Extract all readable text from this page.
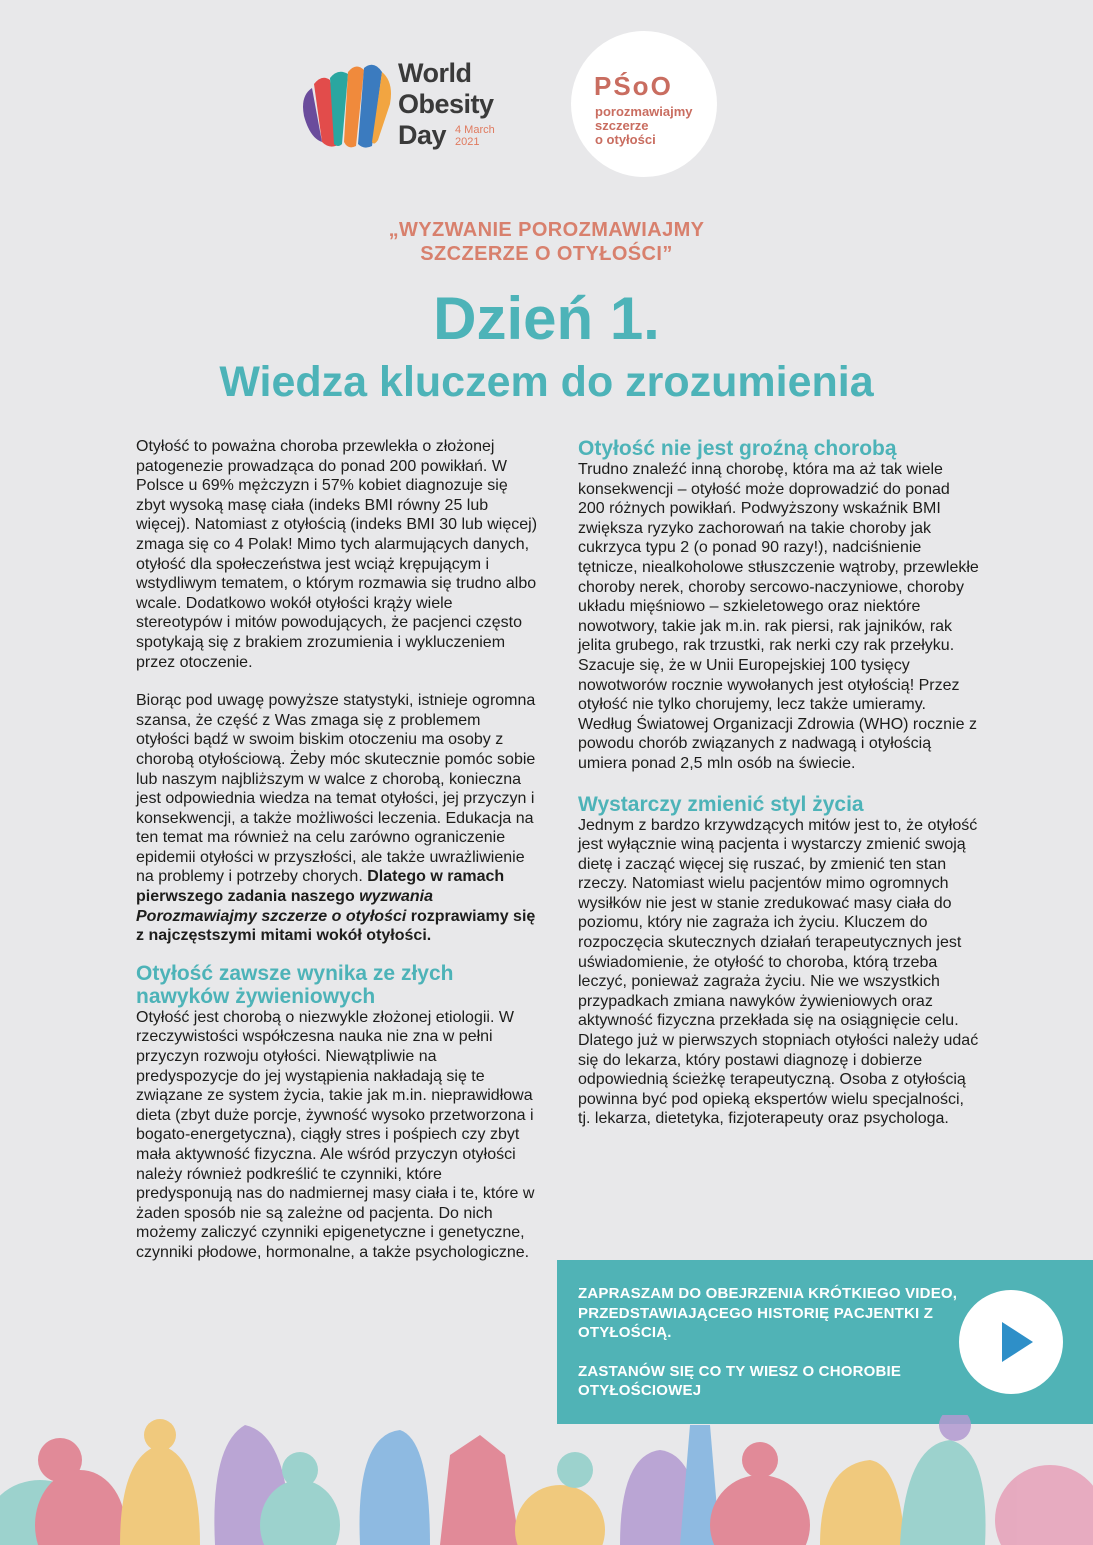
World
Obesity
Day 4 March
2021
PŚoO
porozmawiajmy
szczerze
o otyłości
„WYZWANIE POROZMAWIAJMY
SZCZERZE O OTYŁOŚCI”
Dzień 1.
Wiedza kluczem do zrozumienia

Otyłość to poważna choroba przewlekła o złożonej patogenezie prowadząca do ponad 200 powikłań. W Polsce u 69% mężczyzn i 57% kobiet diagnozuje się zbyt wysoką masę ciała (indeks BMI równy 25 lub więcej). Natomiast z otyłością (indeks BMI 30 lub więcej) zmaga się co 4 Polak! Mimo tych alarmujących danych, otyłość dla społeczeństwa jest wciąż krępującym i wstydliwym tematem, o którym rozmawia się trudno albo wcale. Dodatkowo wokół otyłości krąży wiele stereotypów i mitów powodujących, że pacjenci często spotykają się z brakiem zrozumienia i wykluczeniem przez otoczenie.

Biorąc pod uwagę powyższe statystyki, istnieje ogromna szansa, że część z Was zmaga się z problemem otyłości bądź w swoim biskim otoczeniu ma osoby z chorobą otyłościową. Żeby móc skutecznie pomóc sobie lub naszym najbliższym w walce z chorobą, konieczna jest odpowiednia wiedza na temat otyłości, jej przyczyn i konsekwencji, a także możliwości leczenia. Edukacja na ten temat ma również na celu zarówno ograniczenie epidemii otyłości w przyszłości, ale także uwrażliwienie na problemy i potrzeby chorych. Dlatego w ramach pierwszego zadania naszego wyzwania Porozmawiajmy szczerze o otyłości rozprawiamy się z najczęstszymi mitami wokół otyłości.

Otyłość zawsze wynika ze złych nawyków żywieniowych

Otyłość jest chorobą o niezwykle złożonej etiologii. W rzeczywistości współczesna nauka nie zna w pełni przyczyn rozwoju otyłości. Niewątpliwie na predyspozycje do jej wystąpienia nakładają się te związane ze system życia, takie jak m.in. nieprawidłowa dieta (zbyt duże porcje, żywność wysoko przetworzona i bogato-energetyczna), ciągły stres i pośpiech czy zbyt mała aktywność fizyczna. Ale wśród przyczyn otyłości należy również podkreślić te czynniki, które predysponują nas do nadmiernej masy ciała i te, które w żaden sposób nie są zależne od pacjenta. Do nich możemy zaliczyć czynniki epigenetyczne i genetyczne, czynniki płodowe, hormonalne, a także psychologiczne.

Otyłość nie jest groźną chorobą

Trudno znaleźć inną chorobę, która ma aż tak wiele konsekwencji – otyłość może doprowadzić do ponad 200 różnych powikłań. Podwyższony wskaźnik BMI zwiększa ryzyko zachorowań na takie choroby jak cukrzyca typu 2 (o ponad 90 razy!), nadciśnienie tętnicze, niealkoholowe stłuszczenie wątroby, przewlekłe choroby nerek, choroby sercowo-naczyniowe, choroby układu mięśniowo – szkieletowego oraz niektóre nowotwory, takie jak m.in. rak piersi, rak jajników, rak jelita grubego, rak trzustki, rak nerki czy rak przełyku. Szacuje się, że w Unii Europejskiej 100 tysięcy nowotworów rocznie wywołanych jest otyłością! Przez otyłość nie tylko chorujemy, lecz także umieramy. Według Światowej Organizacji Zdrowia (WHO) rocznie z powodu chorób związanych z nadwagą i otyłością umiera ponad 2,5 mln osób na świecie.

Wystarczy zmienić styl życia

Jednym z bardzo krzywdzących mitów jest to, że otyłość jest wyłącznie winą pacjenta i wystarczy zmienić swoją dietę i zacząć więcej się ruszać, by zmienić ten stan rzeczy. Natomiast wielu pacjentów mimo ogromnych wysiłków nie jest w stanie zredukować masy ciała do poziomu, który nie zagraża ich życiu. Kluczem do rozpoczęcia skutecznych działań terapeutycznych jest uświadomienie, że otyłość to choroba, którą trzeba leczyć, ponieważ zagraża życiu. Nie we wszystkich przypadkach zmiana nawyków żywieniowych oraz aktywność fizyczna przekłada się na osiągnięcie celu. Dlatego już w pierwszych stopniach otyłości należy udać się do lekarza, który postawi diagnozę i dobierze odpowiednią ścieżkę terapeutyczną. Osoba z otyłością powinna być pod opieką ekspertów wielu specjalności, tj. lekarza, dietetyka, fizjoterapeuty oraz psychologa.

ZAPRASZAM DO OBEJRZENIA KRÓTKIEGO VIDEO, PRZEDSTAWIAJĄCEGO HISTORIĘ PACJENTKI Z OTYŁOŚCIĄ.

ZASTANÓW SIĘ CO TY WIESZ O CHOROBIE OTYŁOŚCIOWEJ
